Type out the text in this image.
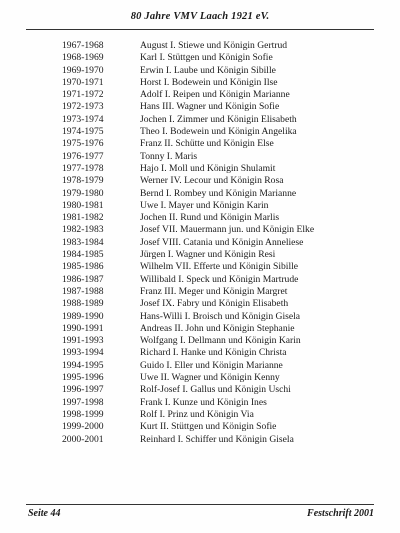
80 Jahre VMV Laach 1921 eV.
1967-1968	August I. Stiewe und Königin Gertrud
1968-1969	Karl I. Stüttgen und Königin Sofie
1969-1970	Erwin I. Laube und Königin Sibille
1970-1971	Horst I. Bodewein und Königin Ilse
1971-1972	Adolf I. Reipen und Königin Marianne
1972-1973	Hans III. Wagner und Königin Sofie
1973-1974	Jochen I. Zimmer und Königin Elisabeth
1974-1975	Theo I. Bodewein und Königin Angelika
1975-1976	Franz II. Schütte und Königin Else
1976-1977	Tonny I. Maris
1977-1978	Hajo I. Moll und Königin Shulamit
1978-1979	Werner IV. Lecour und Königin Rosa
1979-1980	Bernd I. Rombey und Königin Marianne
1980-1981	Uwe I. Mayer und Königin Karin
1981-1982	Jochen II. Rund und Königin Marlis
1982-1983	Josef VII. Mauermann jun. und Königin Elke
1983-1984	Josef VIII. Catania und Königin Anneliese
1984-1985	Jürgen I. Wagner und Königin Resi
1985-1986	Wilhelm VII. Efferte und Königin Sibille
1986-1987	Willibald I. Speck und Königin Martrude
1987-1988	Franz III. Meger und Königin Margret
1988-1989	Josef IX. Fabry und Königin Elisabeth
1989-1990	Hans-Willi I. Broisch und Königin Gisela
1990-1991	Andreas II. John und Königin Stephanie
1991-1993	Wolfgang I. Dellmann und Königin Karin
1993-1994	Richard I. Hanke und Königin Christa
1994-1995	Guido I. Eller und Königin Marianne
1995-1996	Uwe II. Wagner und Königin Kenny
1996-1997	Rolf-Josef I. Gallus und Königin Uschi
1997-1998	Frank I. Kunze und Königin Ines
1998-1999	Rolf I. Prinz und Königin Via
1999-2000	Kurt II. Stüttgen und Königin Sofie
2000-2001	Reinhard I. Schiffer und Königin Gisela
Seite 44	Festschrift 2001
